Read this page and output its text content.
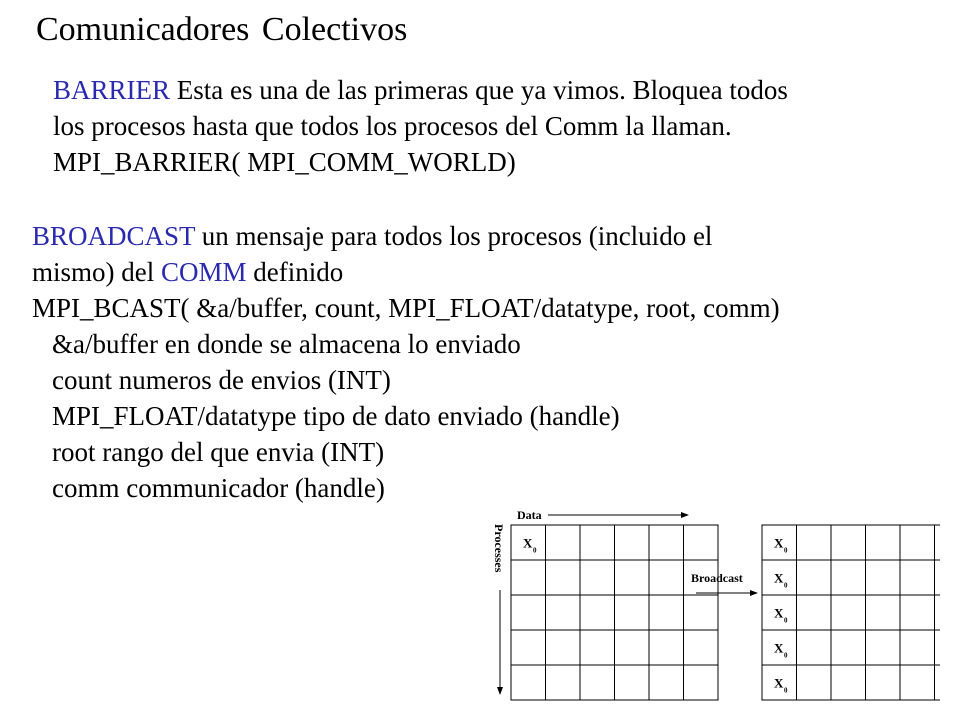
Comunicadores Colectivos
BARRIER Esta es una de las primeras que ya vimos. Bloquea todos
los procesos hasta que todos los procesos del Comm la llaman.
MPI_BARRIER( MPI_COMM_WORLD)
BROADCAST un mensaje para todos los procesos (incluido el
mismo) del COMM definido
MPI_BCAST( &a/buffer, count, MPI_FLOAT/datatype, root, comm)
&a/buffer en donde se almacena lo enviado
count numeros de envios (INT)
MPI_FLOAT/datatype tipo de dato enviado (handle)
root rango del que envia (INT)
comm communicador (handle)
X 0	X 0
X 0
X 0
X 0
X 0
Data
Processes
Broadcast
